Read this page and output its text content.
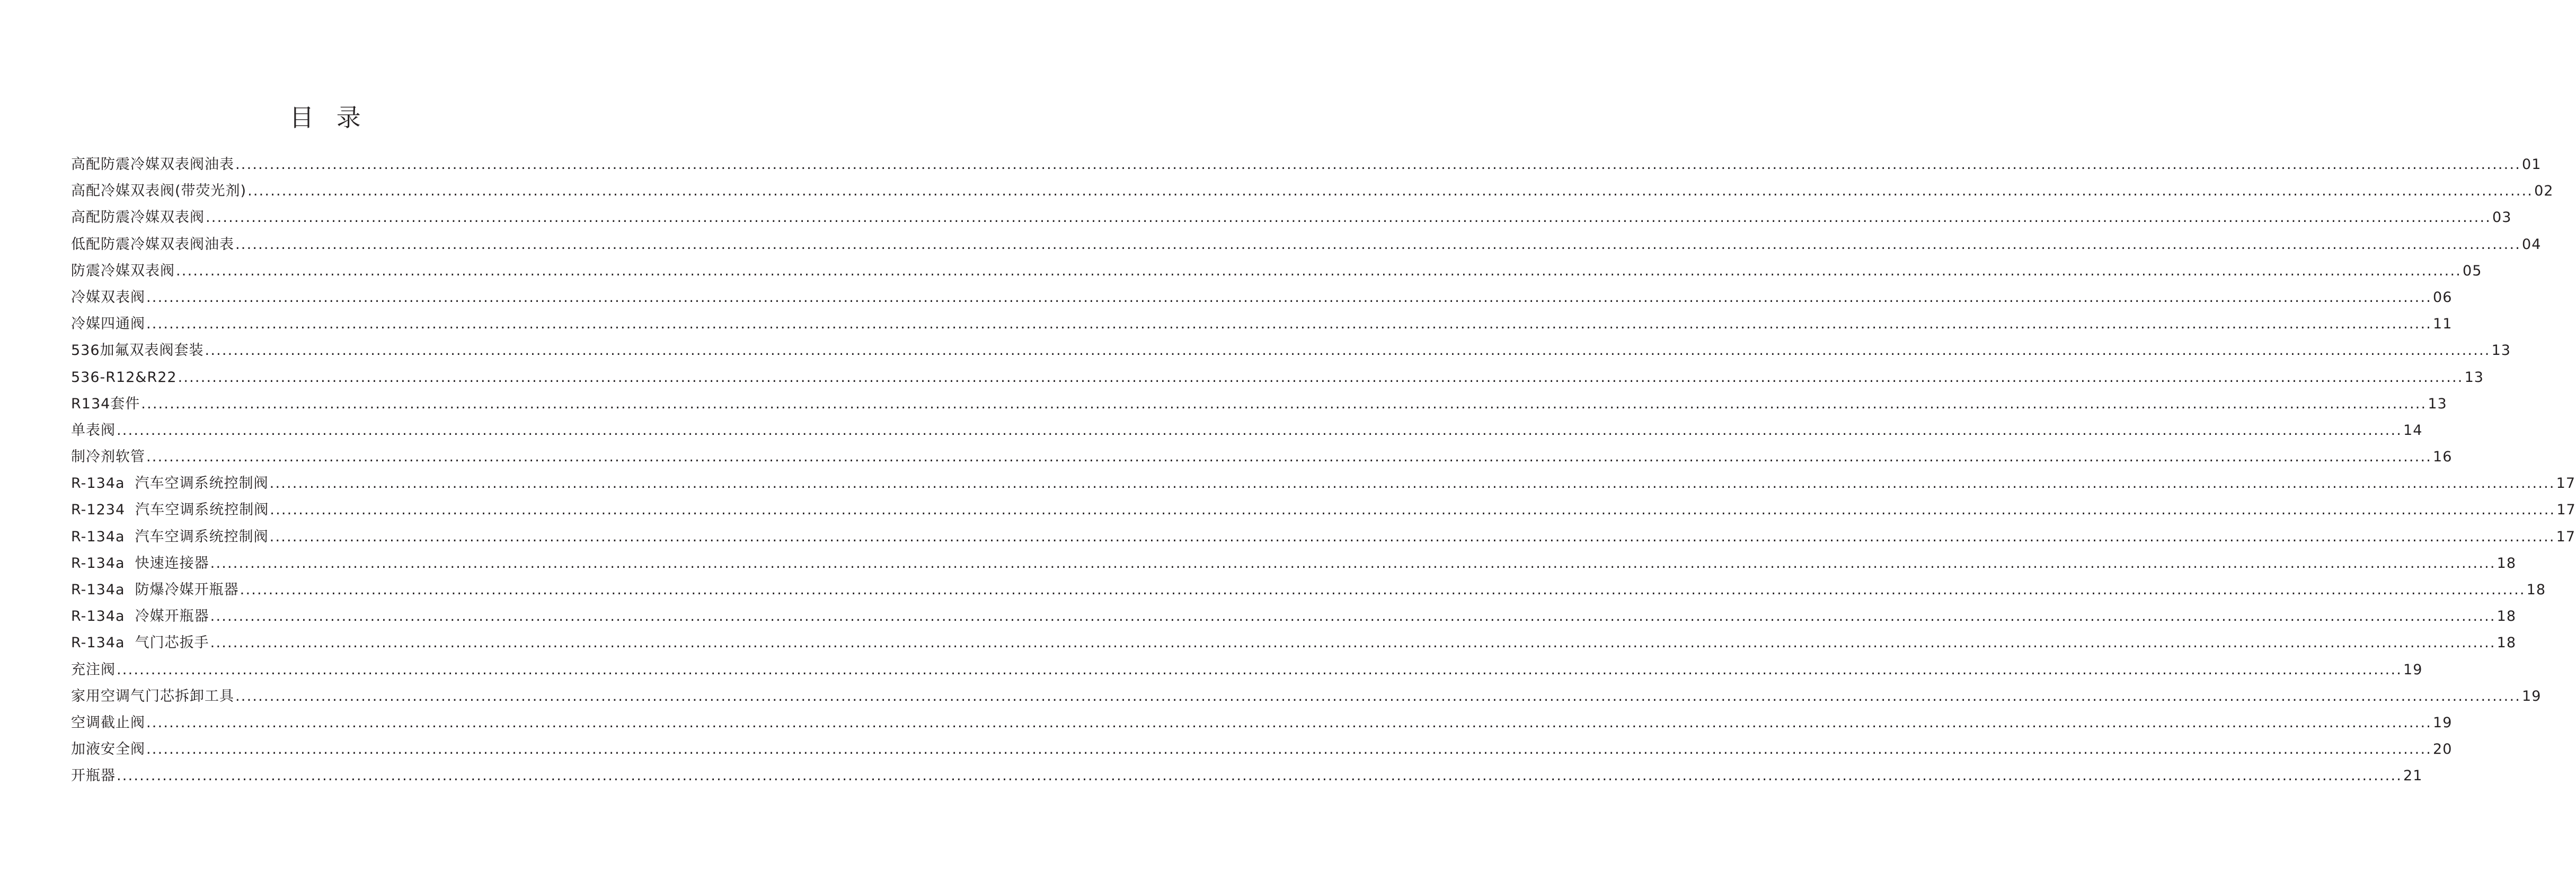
目 录
高配防震冷媒双表阀油表 ................................................................................................................................................................................................................................................................................................................................................................................................................ 01
高配冷媒双表阀(带荧光剂) ................................................................................................................................................................................................................................................................................................................................................................................................................ 02
高配防震冷媒双表阀 ................................................................................................................................................................................................................................................................................................................................................................................................................ 03
低配防震冷媒双表阀油表 ................................................................................................................................................................................................................................................................................................................................................................................................................ 04
防震冷媒双表阀 ................................................................................................................................................................................................................................................................................................................................................................................................................ 05
冷媒双表阀 ................................................................................................................................................................................................................................................................................................................................................................................................................ 06
冷媒四通阀 ................................................................................................................................................................................................................................................................................................................................................................................................................ 11
536加氟双表阀套装 ................................................................................................................................................................................................................................................................................................................................................................................................................ 13
536-R12&R22 ................................................................................................................................................................................................................................................................................................................................................................................................................ 13
R134套件 ................................................................................................................................................................................................................................................................................................................................................................................................................ 13
单表阀 ................................................................................................................................................................................................................................................................................................................................................................................................................ 14
制冷剂软管 ................................................................................................................................................................................................................................................................................................................................................................................................................ 16
R-134a  汽车空调系统控制阀 ................................................................................................................................................................................................................................................................................................................................................................................................................ 17
R-1234  汽车空调系统控制阀 ................................................................................................................................................................................................................................................................................................................................................................................................................ 17
R-134a  汽车空调系统控制阀 ................................................................................................................................................................................................................................................................................................................................................................................................................ 17
R-134a  快速连接器 ................................................................................................................................................................................................................................................................................................................................................................................................................ 18
R-134a  防爆冷媒开瓶器 ................................................................................................................................................................................................................................................................................................................................................................................................................ 18
R-134a  冷媒开瓶器 ................................................................................................................................................................................................................................................................................................................................................................................................................ 18
R-134a  气门芯扳手 ................................................................................................................................................................................................................................................................................................................................................................................................................ 18
充注阀 ................................................................................................................................................................................................................................................................................................................................................................................................................ 19
家用空调气门芯拆卸工具 ................................................................................................................................................................................................................................................................................................................................................................................................................ 19
空调截止阀 ................................................................................................................................................................................................................................................................................................................................................................................................................ 19
加液安全阀 ................................................................................................................................................................................................................................................................................................................................................................................................................ 20
开瓶器 ................................................................................................................................................................................................................................................................................................................................................................................................................ 21
